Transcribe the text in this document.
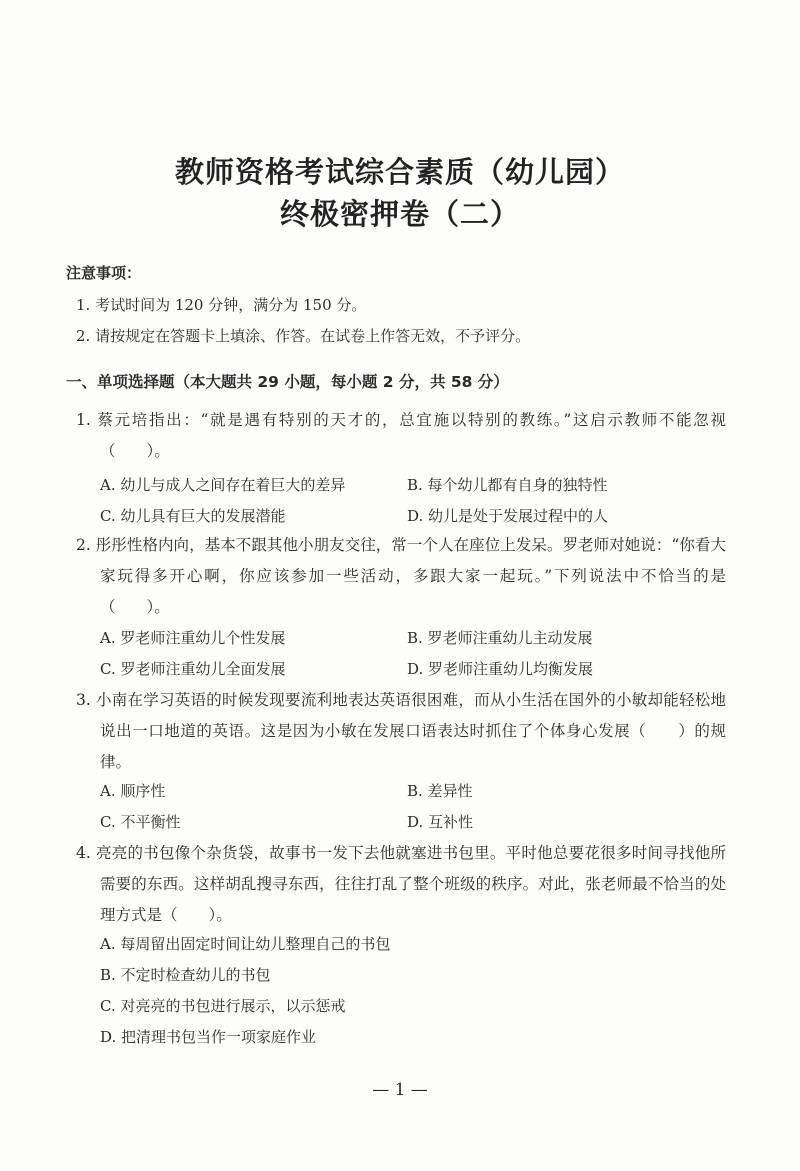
教师资格考试综合素质（幼儿园）
终极密押卷（二）
注意事项：
1. 考试时间为 120 分钟，满分为 150 分。
2. 请按规定在答题卡上填涂、作答。在试卷上作答无效，不予评分。
一、单项选择题（本大题共 29 小题，每小题 2 分，共 58 分）
1. 蔡元培指出：“就是遇有特别的天才的，总宜施以特别的教练。”这启示教师不能忽视（　　）。
A. 幼儿与成人之间存在着巨大的差异	B. 每个幼儿都有自身的独特性
C. 幼儿具有巨大的发展潜能	D. 幼儿是处于发展过程中的人
2. 彤彤性格内向，基本不跟其他小朋友交往，常一个人在座位上发呆。罗老师对她说：“你看大家玩得多开心啊，你应该参加一些活动，多跟大家一起玩。”下列说法中不恰当的是（　　）。
A. 罗老师注重幼儿个性发展	B. 罗老师注重幼儿主动发展
C. 罗老师注重幼儿全面发展	D. 罗老师注重幼儿均衡发展
3. 小南在学习英语的时候发现要流利地表达英语很困难，而从小生活在国外的小敏却能轻松地说出一口地道的英语。这是因为小敏在发展口语表达时抓住了个体身心发展（　　）的规律。
A. 顺序性	B. 差异性
C. 不平衡性	D. 互补性
4. 亮亮的书包像个杂货袋，故事书一发下去他就塞进书包里。平时他总要花很多时间寻找他所需要的东西。这样胡乱搜寻东西，往往打乱了整个班级的秩序。对此，张老师最不恰当的处理方式是（　　）。
A. 每周留出固定时间让幼儿整理自己的书包
B. 不定时检查幼儿的书包
C. 对亮亮的书包进行展示，以示惩戒
D. 把清理书包当作一项家庭作业
— 1 —
